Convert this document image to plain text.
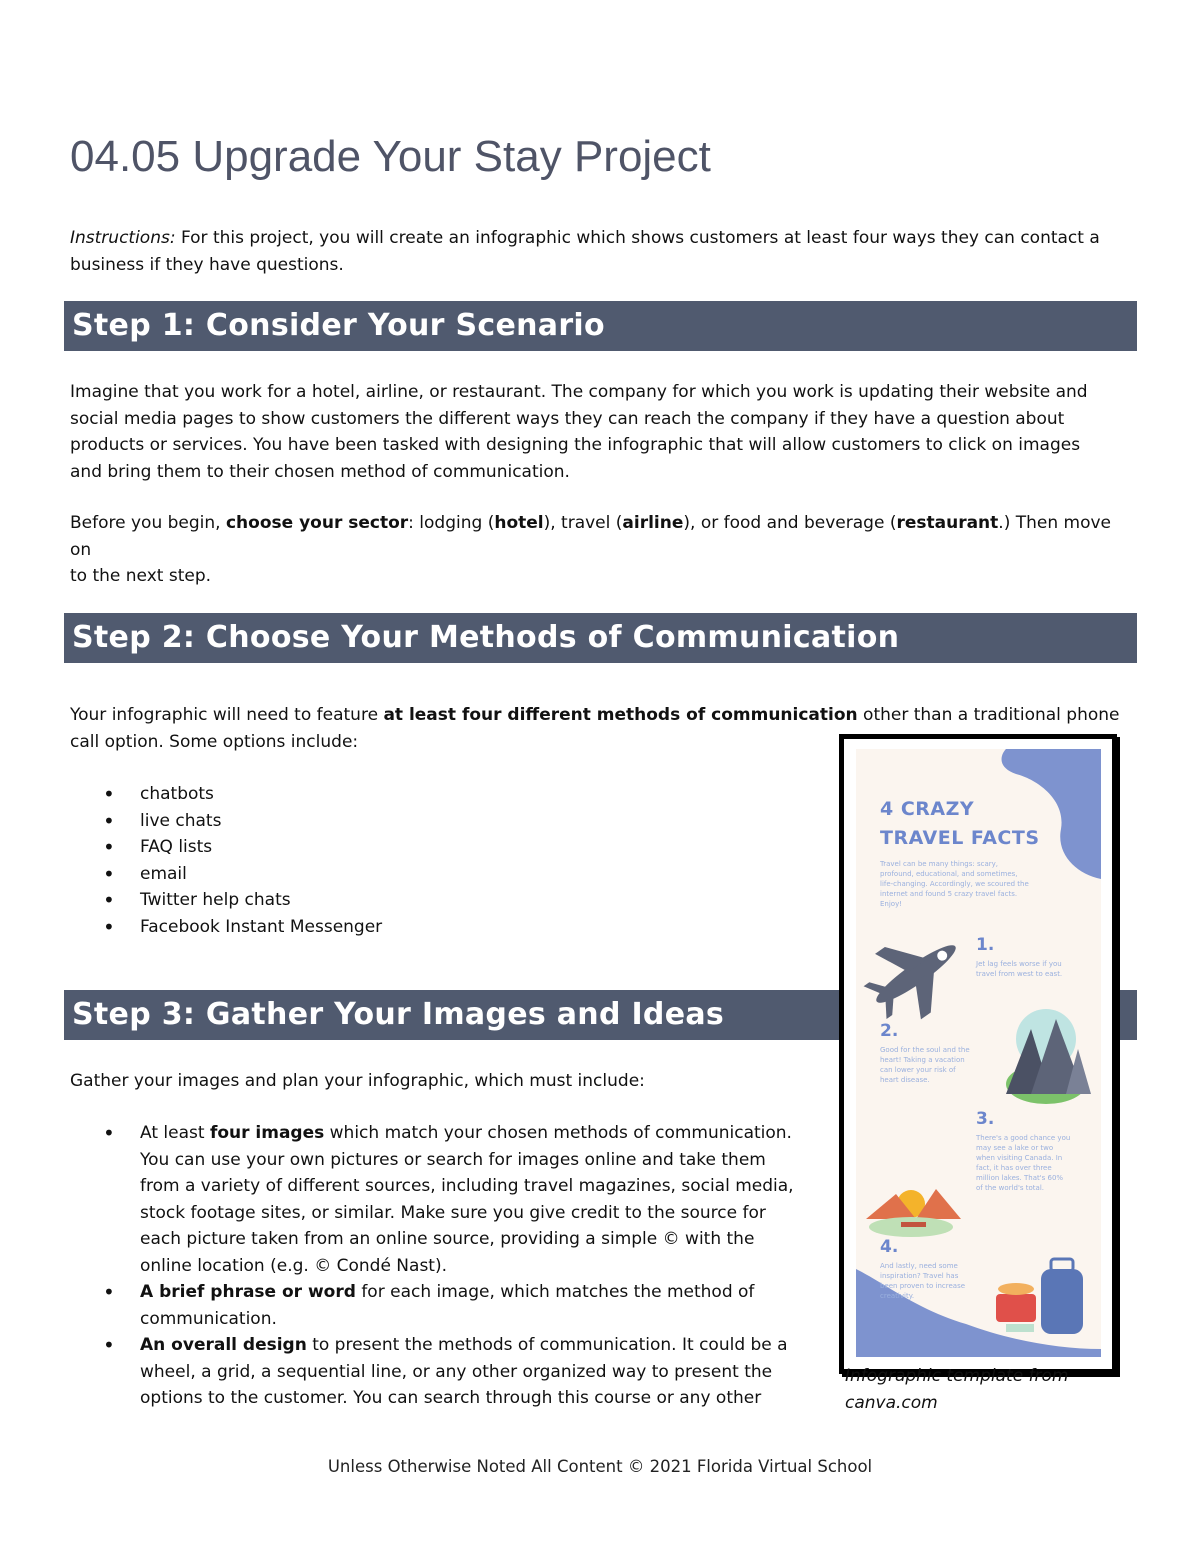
04.05 Upgrade Your Stay Project

Instructions: For this project, you will create an infographic which shows customers at least four ways they can contact a
business if they have questions.

Step 1: Consider Your Scenario

Imagine that you work for a hotel, airline, or restaurant. The company for which you work is updating their website and
social media pages to show customers the different ways they can reach the company if they have a question about
products or services. You have been tasked with designing the infographic that will allow customers to click on images
and bring them to their chosen method of communication.

Before you begin, choose your sector: lodging (hotel), travel (airline), or food and beverage (restaurant.) Then move on
to the next step.

Step 2: Choose Your Methods of Communication

Your infographic will need to feature at least four different methods of communication other than a traditional phone
call option. Some options include:

• chatbots
• live chats
• FAQ lists
• email
• Twitter help chats
• Facebook Instant Messenger
Step 3: Gather Your Images and Ideas

Gather your images and plan your infographic, which must include:

• At least four images which match your chosen methods of communication.
You can use your own pictures or search for images online and take them
from a variety of different sources, including travel magazines, social media,
stock footage sites, or similar. Make sure you give credit to the source for
each picture taken from an online source, providing a simple © with the
online location (e.g. © Condé Nast).
• A brief phrase or word for each image, which matches the method of
communication.
• An overall design to present the methods of communication. It could be a
wheel, a grid, a sequential line, or any other organized way to present the
options to the customer. You can search through this course or any other
4 CRAZY
TRAVEL FACTS
Travel can be many things: scary, profound, educational, and sometimes, life-changing. Accordingly, we scoured the internet and found 5 crazy travel facts. Enjoy!
1.
Jet lag feels worse if you travel from west to east.
2.
Good for the soul and the heart! Taking a vacation can lower your risk of heart disease.
3.
There's a good chance you may see a lake or two when visiting Canada. In fact, it has over three million lakes. That's 60% of the world's total.
4.
And lastly, need some inspiration? Travel has been proven to increase creativity.
Infographic template from
canva.com
Unless Otherwise Noted All Content © 2021 Florida Virtual School
